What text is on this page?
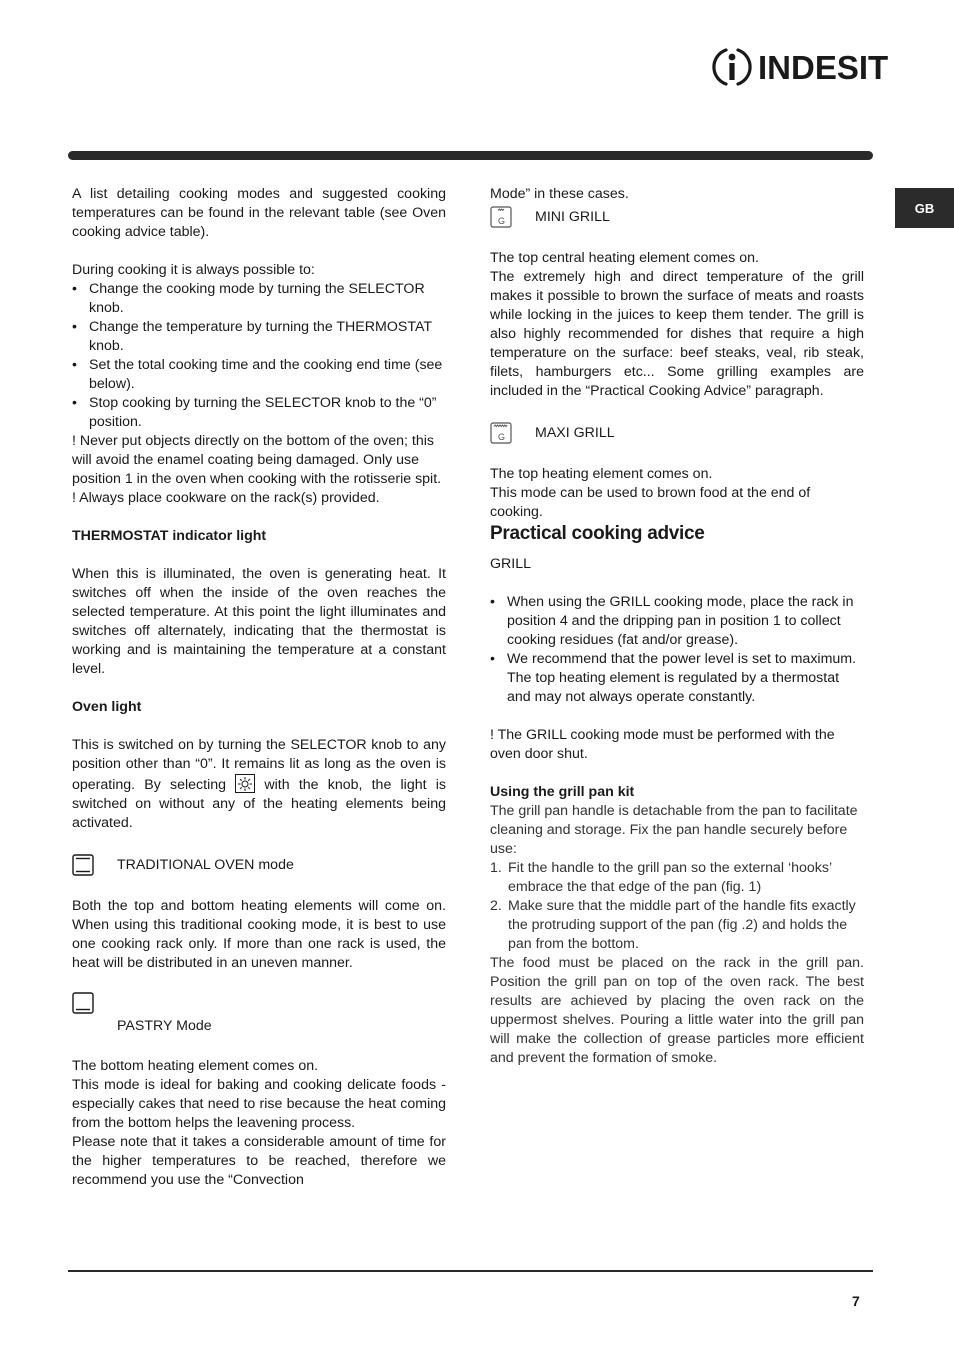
INDESIT
GB

A list detailing cooking modes and suggested cooking temperatures can be found in the relevant table (see Oven cooking advice table).

During cooking it is always possible to:

• Change the cooking mode by turning the SELECTOR knob.

• Change the temperature by turning the THERMOSTAT knob.

• Set the total cooking time and the cooking end time (see below).

• Stop cooking by turning the SELECTOR knob to the “0” position.

! Never put objects directly on the bottom of the oven; this will avoid the enamel coating being damaged. Only use position 1 in the oven when cooking with the rotisserie spit.

! Always place cookware on the rack(s) provided.

THERMOSTAT indicator light

When this is illuminated, the oven is generating heat. It switches off when the inside of the oven reaches the selected temperature. At this point the light illuminates and switches off alternately, indicating that the thermostat is working and is maintaining the temperature at a constant level.

Oven light

This is switched on by turning the SELECTOR knob to any position other than “0”. It remains lit as long as the oven is operating. By selecting	with the knob, the light is switched on without any of the heating elements being activated.

TRADITIONAL OVEN mode

Both the top and bottom heating elements will come on. When using this traditional cooking mode, it is best to use one cooking rack only. If more than one rack is used, the heat will be distributed in an uneven manner.

PASTRY Mode

The bottom heating element comes on.

This mode is ideal for baking and cooking delicate foods - especially cakes that need to rise because the heat coming from the bottom helps the leavening process.

Please note that it takes a considerable amount of time for the higher temperatures to be reached, therefore we recommend you use the “Convection

Mode” in these cases.

G MINI GRILL

The top central heating element comes on.

The extremely high and direct temperature of the grill makes it possible to brown the surface of meats and roasts while locking in the juices to keep them tender. The grill is also highly recommended for dishes that require a high temperature on the surface: beef steaks, veal, rib steak, filets, hamburgers etc... Some grilling examples are included in the “Practical Cooking Advice” paragraph.

G MAXI GRILL

The top heating element comes on.

This mode can be used to brown food at the end of cooking.

Practical cooking advice

GRILL

• When using the GRILL cooking mode, place the rack in position 4 and the dripping pan in position 1 to collect cooking residues (fat and/or grease).

• We recommend that the power level is set to maximum. The top heating element is regulated by a thermostat and may not always operate constantly.

! The GRILL cooking mode must be performed with the oven door shut.

Using the grill pan kit

The grill pan handle is detachable from the pan to facilitate cleaning and storage. Fix the pan handle securely before use:

1. Fit the handle to the grill pan so the external ‘hooks’ embrace the that edge of the pan (fig. 1)

2. Make sure that the middle part of the handle fits exactly the protruding support of the pan (fig .2) and holds the pan from the bottom.

The food must be placed on the rack in the grill pan. Position the grill pan on top of the oven rack. The best results are achieved by placing the oven rack on the uppermost shelves. Pouring a little water into the grill pan will make the collection of grease particles more efficient and prevent the formation of smoke.

7
